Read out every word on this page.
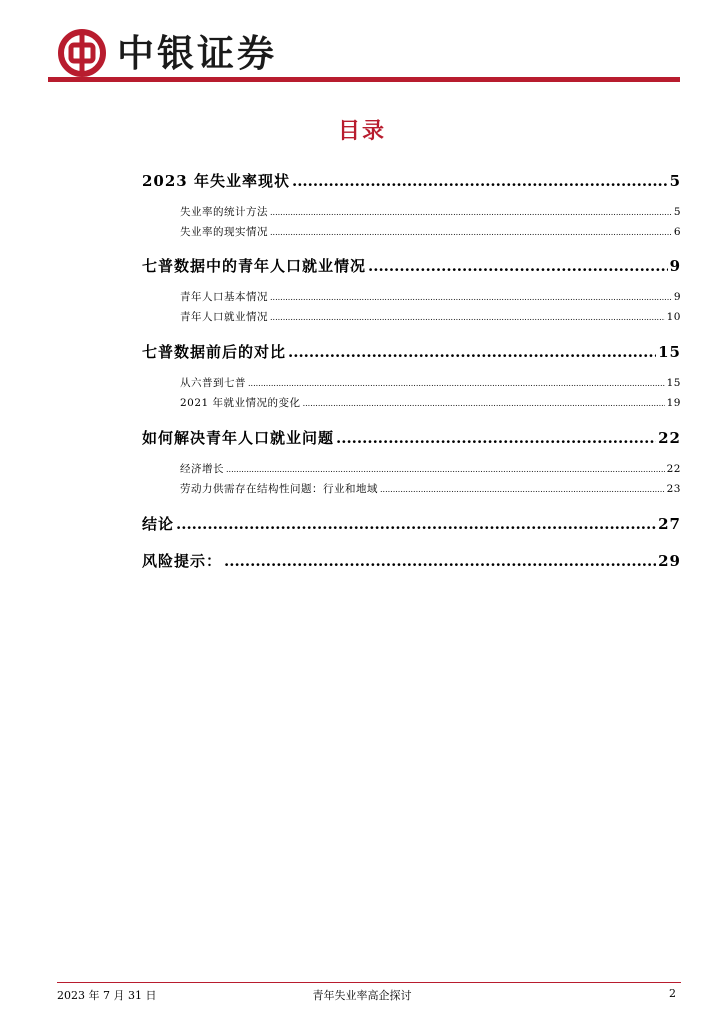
中银证券
目录
2023 年失业率现状 .....	5
失业率的统计方法 .....	5
失业率的现实情况 .....	6
七普数据中的青年人口就业情况 .....	9
青年人口基本情况 .....	9
青年人口就业情况 .....	10
七普数据前后的对比 .....	15
从六普到七普 .....	15
2021 年就业情况的变化 .....	19
如何解决青年人口就业问题 .....	22
经济增长 .....	22
劳动力供需存在结构性问题：行业和地域 .....	23
结论 .....	27
风险提示： .....	29
2023 年 7 月 31 日	青年失业率高企探讨	2
